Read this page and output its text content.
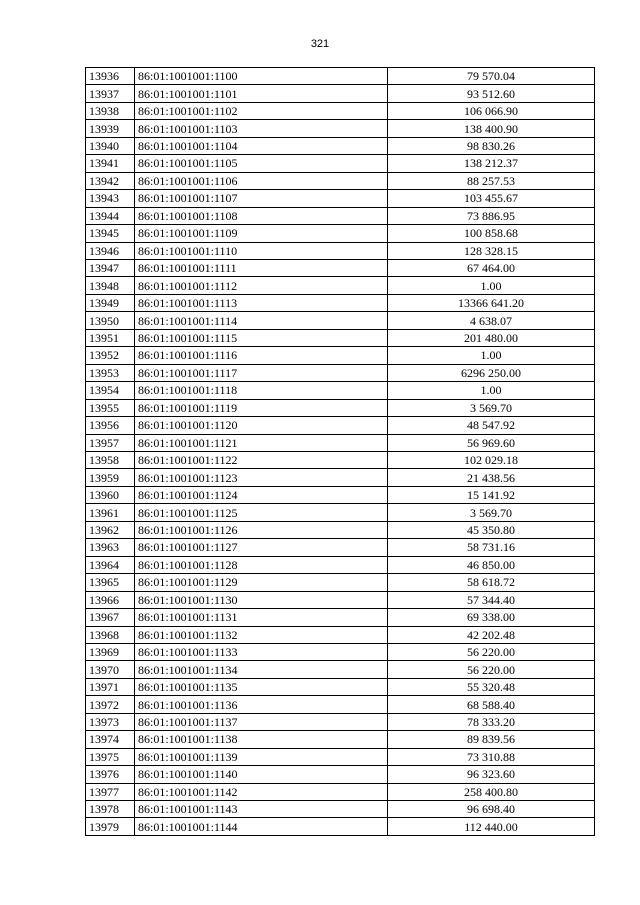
321
13936	86:01:1001001:1100	79 570.04
13937	86:01:1001001:1101	93 512.60
13938	86:01:1001001:1102	106 066.90
13939	86:01:1001001:1103	138 400.90
13940	86:01:1001001:1104	98 830.26
13941	86:01:1001001:1105	138 212.37
13942	86:01:1001001:1106	88 257.53
13943	86:01:1001001:1107	103 455.67
13944	86:01:1001001:1108	73 886.95
13945	86:01:1001001:1109	100 858.68
13946	86:01:1001001:1110	128 328.15
13947	86:01:1001001:1111	67 464.00
13948	86:01:1001001:1112	1.00
13949	86:01:1001001:1113	13366 641.20
13950	86:01:1001001:1114	4 638.07
13951	86:01:1001001:1115	201 480.00
13952	86:01:1001001:1116	1.00
13953	86:01:1001001:1117	6296 250.00
13954	86:01:1001001:1118	1.00
13955	86:01:1001001:1119	3 569.70
13956	86:01:1001001:1120	48 547.92
13957	86:01:1001001:1121	56 969.60
13958	86:01:1001001:1122	102 029.18
13959	86:01:1001001:1123	21 438.56
13960	86:01:1001001:1124	15 141.92
13961	86:01:1001001:1125	3 569.70
13962	86:01:1001001:1126	45 350.80
13963	86:01:1001001:1127	58 731.16
13964	86:01:1001001:1128	46 850.00
13965	86:01:1001001:1129	58 618.72
13966	86:01:1001001:1130	57 344.40
13967	86:01:1001001:1131	69 338.00
13968	86:01:1001001:1132	42 202.48
13969	86:01:1001001:1133	56 220.00
13970	86:01:1001001:1134	56 220.00
13971	86:01:1001001:1135	55 320.48
13972	86:01:1001001:1136	68 588.40
13973	86:01:1001001:1137	78 333.20
13974	86:01:1001001:1138	89 839.56
13975	86:01:1001001:1139	73 310.88
13976	86:01:1001001:1140	96 323.60
13977	86:01:1001001:1142	258 400.80
13978	86:01:1001001:1143	96 698.40
13979	86:01:1001001:1144	112 440.00
